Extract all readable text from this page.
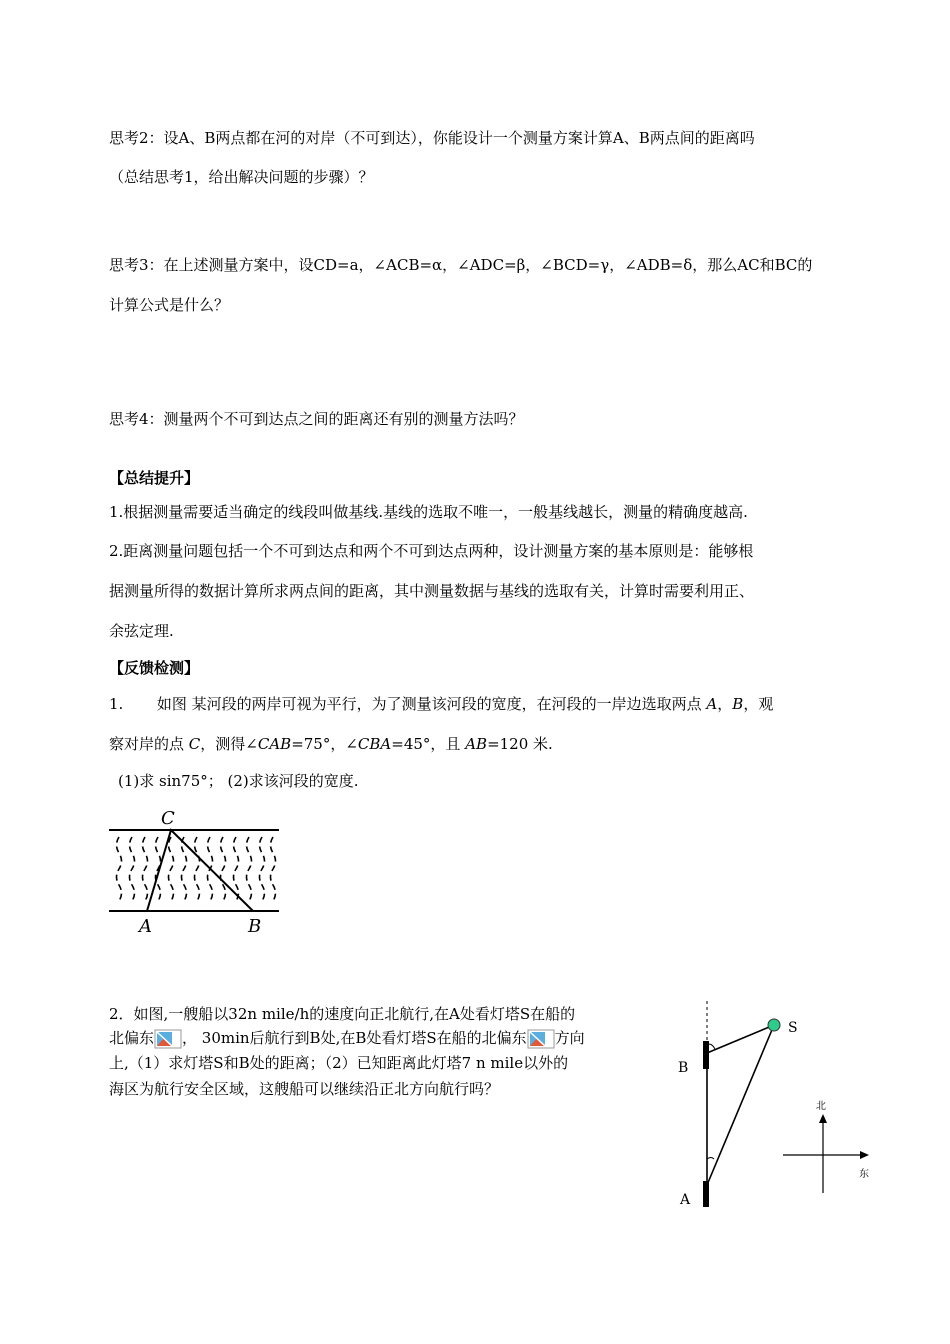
思考2：设A、B两点都在河的对岸（不可到达），你能设计一个测量方案计算A、B两点间的距离吗
（总结思考1，给出解决问题的步骤）？
思考3：在上述测量方案中，设CD=a，∠ACB=α，∠ADC=β，∠BCD=γ，∠ADB=δ，那么AC和BC的
计算公式是什么？
思考4：测量两个不可到达点之间的距离还有别的测量方法吗？
【总结提升】
1.根据测量需要适当确定的线段叫做基线.基线的选取不唯一，一般基线越长，测量的精确度越高.
2.距离测量问题包括一个不可到达点和两个不可到达点两种，设计测量方案的基本原则是：能够根
据测量所得的数据计算所求两点间的距离，其中测量数据与基线的选取有关，计算时需要利用正、
余弦定理.
【反馈检测】
1. 如图 某河段的两岸可视为平行，为了测量该河段的宽度，在河段的一岸边选取两点 A，B，观
察对岸的点 C，测得∠CAB=75°，∠CBA=45°，且 AB=120 米.
(1)求 sin75°； (2)求该河段的宽度.
C
A	B
2．如图,一艘船以32n mile/h的速度向正北航行,在A处看灯塔S在船的
北偏东 ， 30min后航行到B处,在B处看灯塔S在船的北偏东 方向
上,（1）求灯塔S和B处的距离；（2）已知距离此灯塔7 n mile以外的
海区为航行安全区域，这艘船可以继续沿正北方向航行吗？
S
B
A
北
东
